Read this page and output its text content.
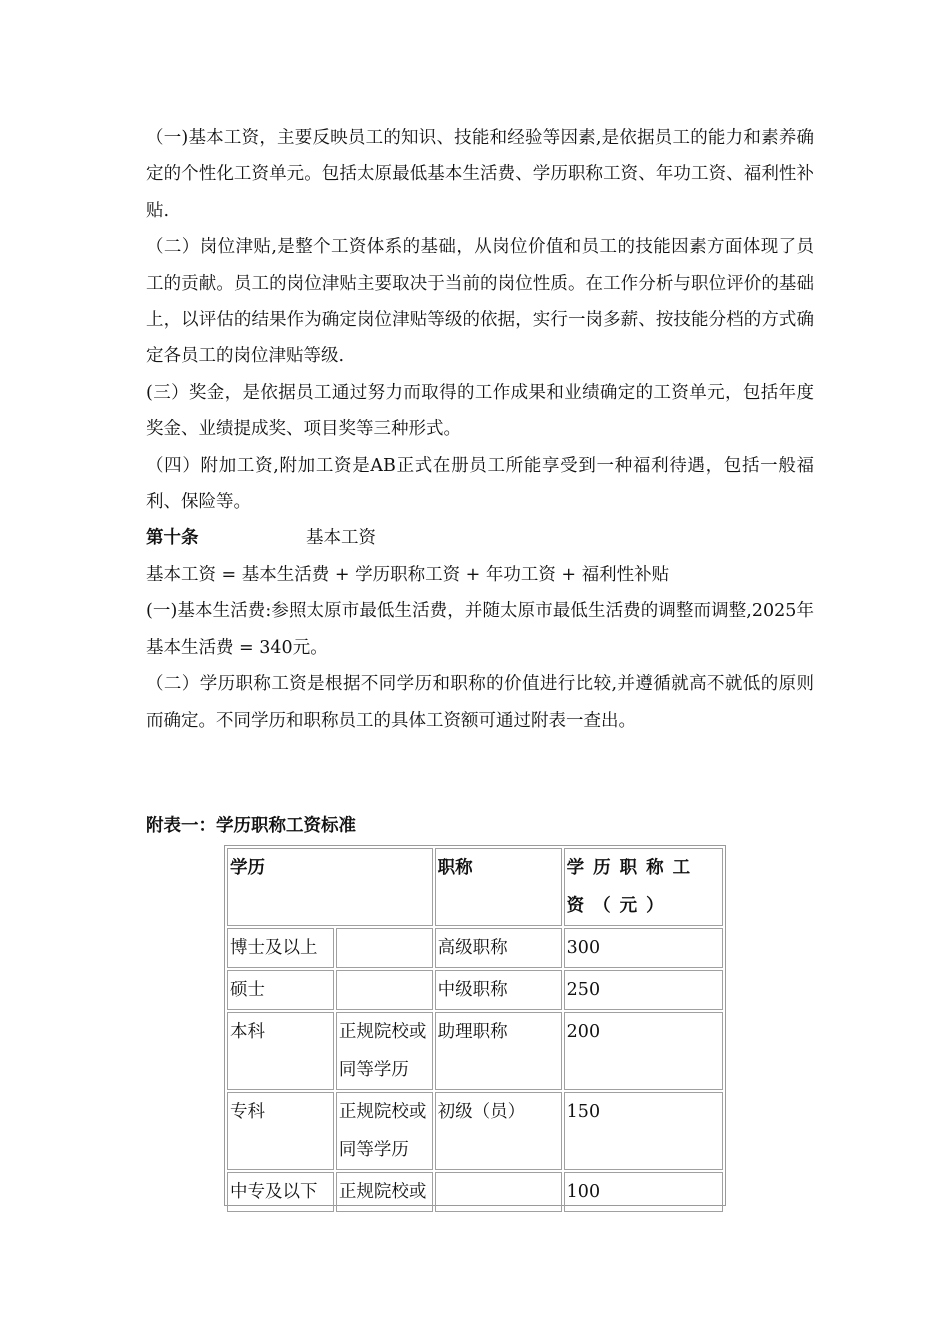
（一)基本工资，主要反映员工的知识、技能和经验等因素,是依据员工的能力和素养确定的个性化工资单元。包括太原最低基本生活费、学历职称工资、年功工资、福利性补贴.

（二）岗位津贴,是整个工资体系的基础，从岗位价值和员工的技能因素方面体现了员工的贡献。员工的岗位津贴主要取决于当前的岗位性质。在工作分析与职位评价的基础上，以评估的结果作为确定岗位津贴等级的依据，实行一岗多薪、按技能分档的方式确定各员工的岗位津贴等级.

(三）奖金，是依据员工通过努力而取得的工作成果和业绩确定的工资单元，包括年度奖金、业绩提成奖、项目奖等三种形式。

（四）附加工资,附加工资是AB正式在册员工所能享受到一种福利待遇，包括一般福利、保险等。

第十条	基本工资

基本工资 = 基本生活费 + 学历职称工资 + 年功工资 + 福利性补贴

(一)基本生活费:参照太原市最低生活费，并随太原市最低生活费的调整而调整,2025年基本生活费 = 340元。

（二）学历职称工资是根据不同学历和职称的价值进行比较,并遵循就高不就低的原则而确定。不同学历和职称员工的具体工资额可通过附表一查出。

附表一：学历职称工资标准
学历		职称	学历职称工资（元）
博士及以上		高级职称	300
硕士		中级职称	250
本科	正规院校或同等学历	助理职称	200
专科	正规院校或同等学历	初级（员）	150
中专及以下	正规院校或		100
